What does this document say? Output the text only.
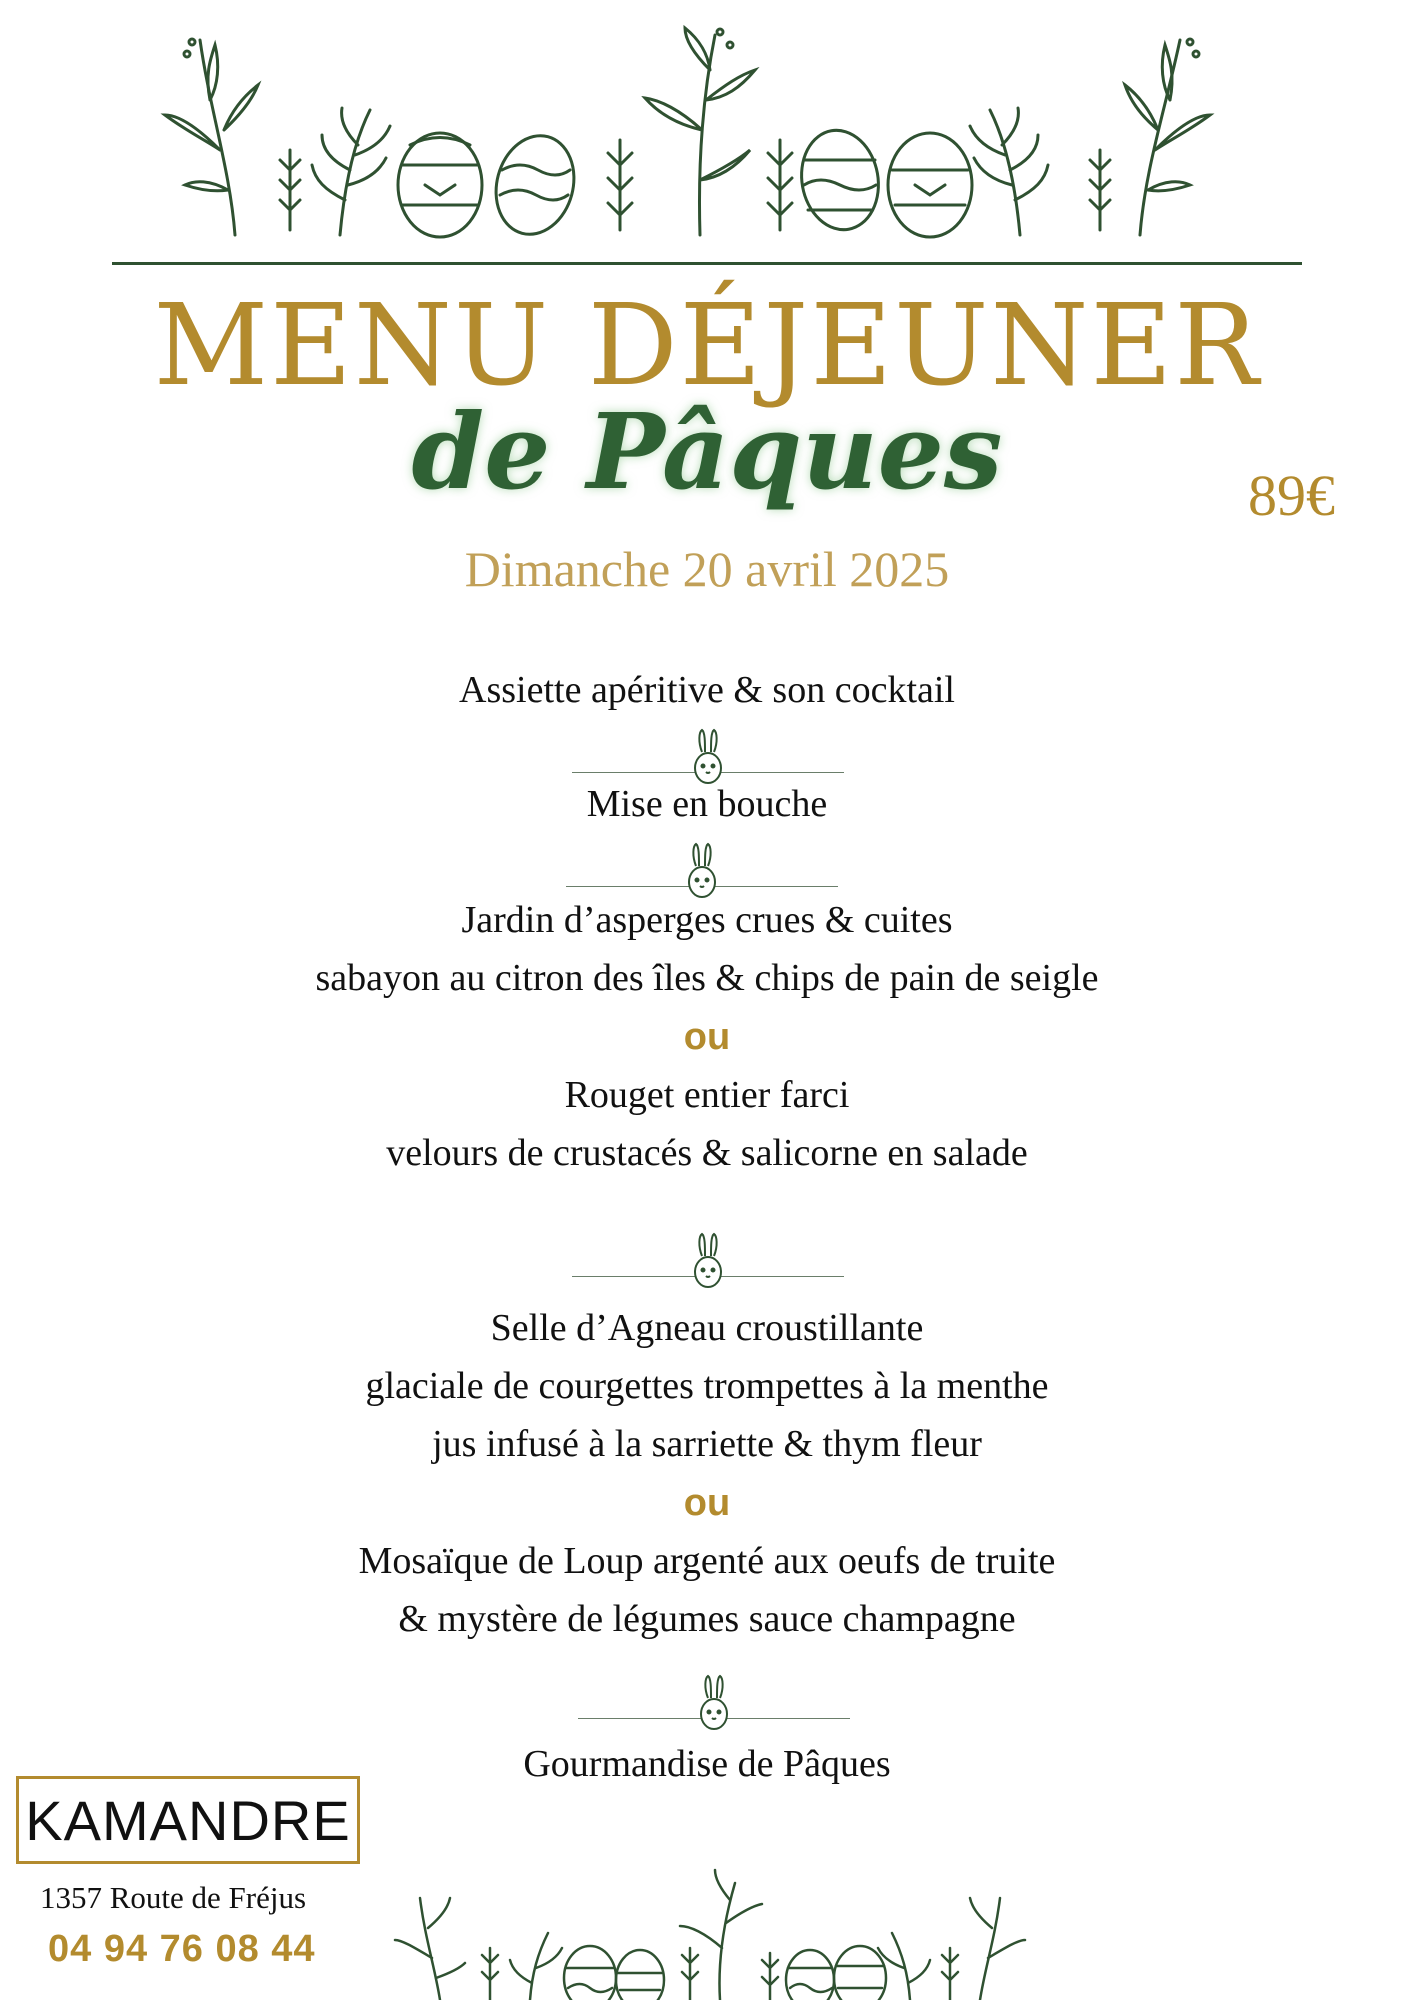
MENU DÉJEUNER
de Pâques	89€
Dimanche 20 avril 2025
Assiette apéritive & son cocktail
Mise en bouche
Jardin d’asperges crues & cuites
sabayon au citron des îles & chips de pain de seigle
ou
Rouget entier farci
velours de crustacés & salicorne en salade
Selle d’Agneau croustillante
glaciale de courgettes trompettes à la menthe
jus infusé à la sarriette & thym fleur
ou
Mosaïque de Loup argenté aux oeufs de truite
& mystère de légumes sauce champagne
Gourmandise de Pâques
KAMANDRE
1357 Route de Fréjus
04 94 76 08 44
